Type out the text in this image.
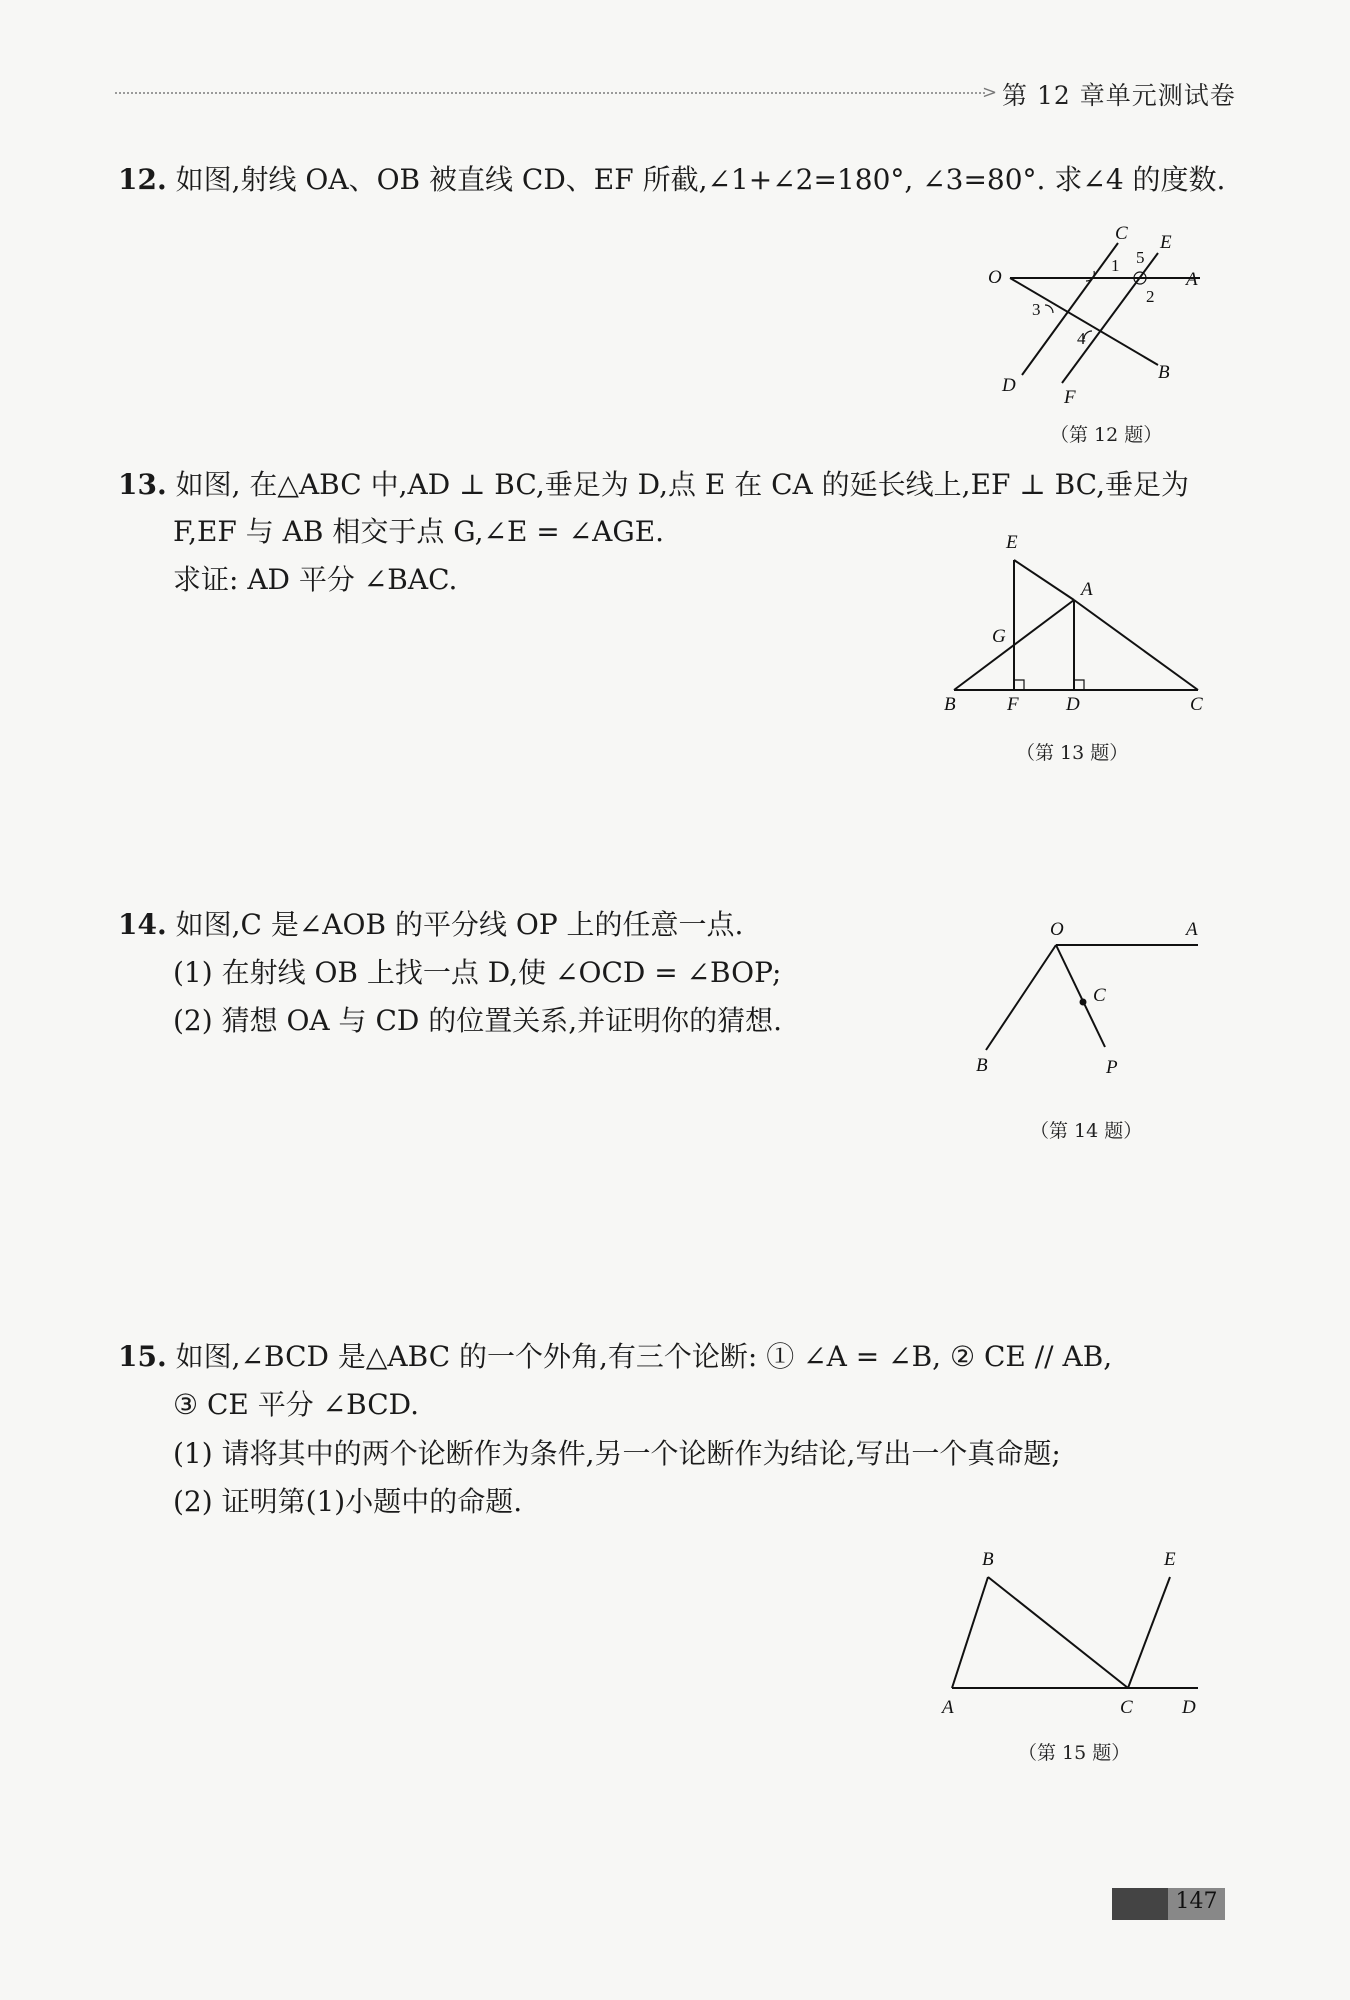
> 第 12 章单元测试卷
12. 如图,射线 OA、OB 被直线 CD、EF 所截,∠1+∠2=180°, ∠3=80°. 求∠4 的度数.
C E
O	A
1 5
2
3
4
B
D
F
（第 12 题）
13. 如图, 在△ABC 中,AD ⊥ BC,垂足为 D,点 E 在 CA 的延长线上,EF ⊥ BC,垂足为
F,EF 与 AB 相交于点 G,∠E = ∠AGE.
求证: AD 平分 ∠BAC.
E
A
G
B	F D	C
（第 13 题）
14. 如图,C 是∠AOB 的平分线 OP 上的任意一点.
(1) 在射线 OB 上找一点 D,使 ∠OCD = ∠BOP;
(2) 猜想 OA 与 CD 的位置关系,并证明你的猜想.
O	A
C
B	P
（第 14 题）
15. 如图,∠BCD 是△ABC 的一个外角,有三个论断: ① ∠A = ∠B, ② CE // AB,
③ CE 平分 ∠BCD.
(1) 请将其中的两个论断作为条件,另一个论断作为结论,写出一个真命题;
(2) 证明第(1)小题中的命题.
B	E
A	C	D
（第 15 题）
147
